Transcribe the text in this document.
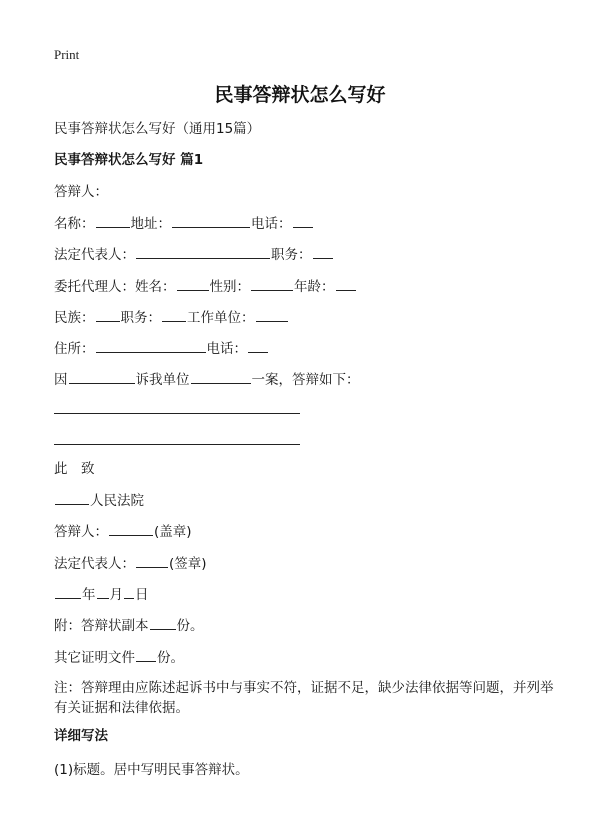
Print
民事答辩状怎么写好
民事答辩状怎么写好（通用15篇）
民事答辩状怎么写好 篇1
答辩人：
名称：	地址：	电话：
法定代表人：	职务：
委托代理人：姓名：	性别：	年龄：
民族： 职务： 工作单位：
住所：	电话：
因	诉我单位	一案，答辩如下：
此　致
人民法院
答辩人：	(盖章)
法定代表人：	(签章)
年 月 日
附：答辩状副本 份。
其它证明文件 份。
注：答辩理由应陈述起诉书中与事实不符，证据不足，缺少法律依据等问题，并列举有关证据和法律依据。
详细写法
(1)标题。居中写明民事答辩状。
